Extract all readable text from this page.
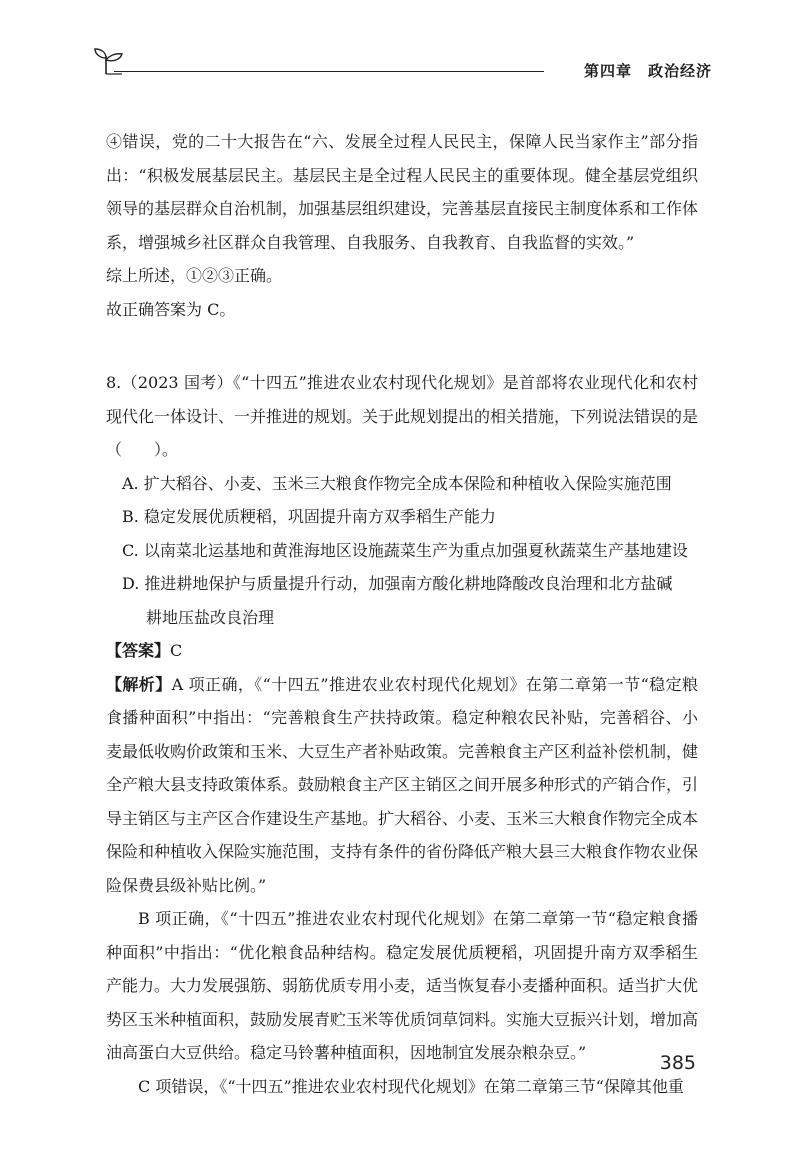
第四章　政治经济

④错误，党的二十大报告在“六、发展全过程人民民主，保障人民当家作主”部分指出：“积极发展基层民主。基层民主是全过程人民民主的重要体现。健全基层党组织领导的基层群众自治机制，加强基层组织建设，完善基层直接民主制度体系和工作体系，增强城乡社区群众自我管理、自我服务、自我教育、自我监督的实效。”

综上所述，①②③正确。

故正确答案为 C。

8.（2023 国考）《“十四五”推进农业农村现代化规划》是首部将农业现代化和农村现代化一体设计、一并推进的规划。关于此规划提出的相关措施，下列说法错误的是（　　）。

A. 扩大稻谷、小麦、玉米三大粮食作物完全成本保险和种植收入保险实施范围

B. 稳定发展优质粳稻，巩固提升南方双季稻生产能力

C. 以南菜北运基地和黄淮海地区设施蔬菜生产为重点加强夏秋蔬菜生产基地建设

D. 推进耕地保护与质量提升行动，加强南方酸化耕地降酸改良治理和北方盐碱

耕地压盐改良治理

【答案】C

【解析】A 项正确，《“十四五”推进农业农村现代化规划》在第二章第一节“稳定粮食播种面积”中指出：“完善粮食生产扶持政策。稳定种粮农民补贴，完善稻谷、小麦最低收购价政策和玉米、大豆生产者补贴政策。完善粮食主产区利益补偿机制，健全产粮大县支持政策体系。鼓励粮食主产区主销区之间开展多种形式的产销合作，引导主销区与主产区合作建设生产基地。扩大稻谷、小麦、玉米三大粮食作物完全成本保险和种植收入保险实施范围，支持有条件的省份降低产粮大县三大粮食作物农业保险保费县级补贴比例。”

B 项正确，《“十四五”推进农业农村现代化规划》在第二章第一节“稳定粮食播种面积”中指出：“优化粮食品种结构。稳定发展优质粳稻，巩固提升南方双季稻生产能力。大力发展强筋、弱筋优质专用小麦，适当恢复春小麦播种面积。适当扩大优势区玉米种植面积，鼓励发展青贮玉米等优质饲草饲料。实施大豆振兴计划，增加高油高蛋白大豆供给。稳定马铃薯种植面积，因地制宜发展杂粮杂豆。”

C 项错误，《“十四五”推进农业农村现代化规划》在第二章第三节“保障其他重

385
